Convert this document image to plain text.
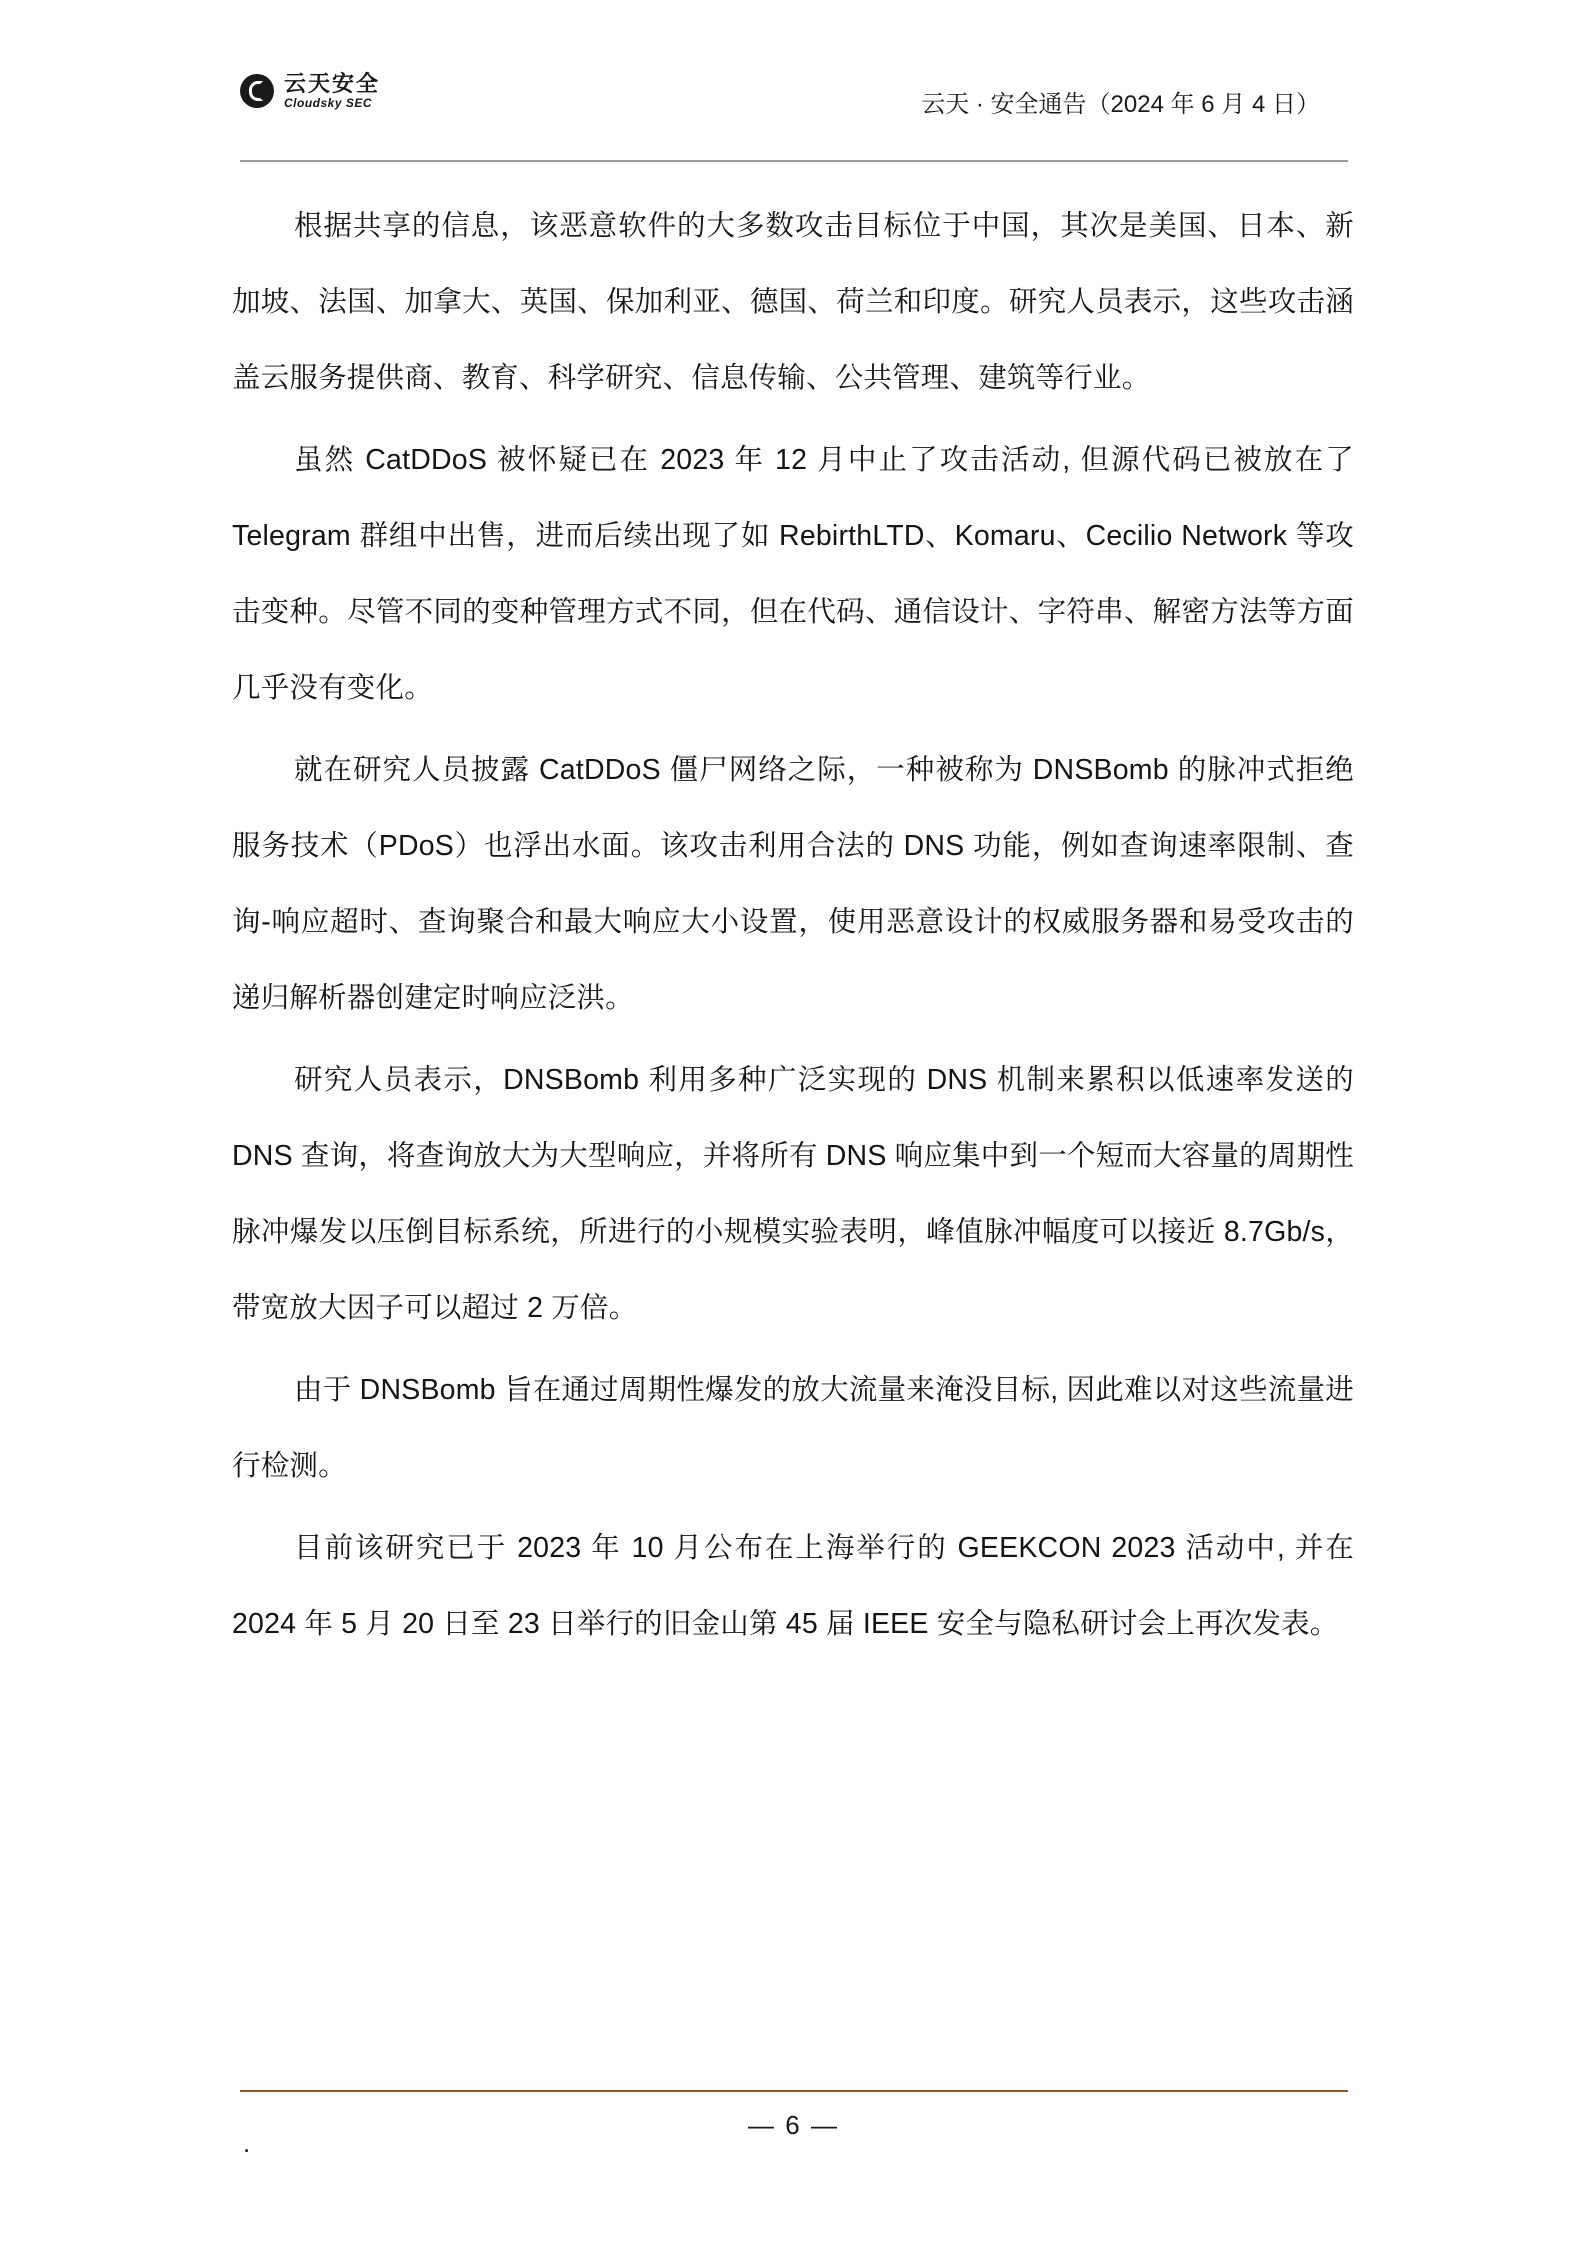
云天安全
Cloudsky SEC	云天 · 安全通告（2024 年 6 月 4 日）

根据共享的信息，该恶意软件的大多数攻击目标位于中国，其次是美国、日本、新加坡、法国、加拿大、英国、保加利亚、德国、荷兰和印度。研究人员表示，这些攻击涵盖云服务提供商、教育、科学研究、信息传输、公共管理、建筑等行业。

虽然 CatDDoS 被怀疑已在 2023 年 12 月中止了攻击活动, 但源代码已被放在了 Telegram 群组中出售，进而后续出现了如 RebirthLTD、Komaru、Cecilio Network 等攻击变种。尽管不同的变种管理方式不同，但在代码、通信设计、字符串、解密方法等方面几乎没有变化。

就在研究人员披露 CatDDoS 僵尸网络之际，一种被称为 DNSBomb 的脉冲式拒绝服务技术（PDoS）也浮出水面。该攻击利用合法的 DNS 功能，例如查询速率限制、查询-响应超时、查询聚合和最大响应大小设置，使用恶意设计的权威服务器和易受攻击的递归解析器创建定时响应泛洪。

研究人员表示，DNSBomb 利用多种广泛实现的 DNS 机制来累积以低速率发送的 DNS 查询，将查询放大为大型响应，并将所有 DNS 响应集中到一个短而大容量的周期性脉冲爆发以压倒目标系统，所进行的小规模实验表明，峰值脉冲幅度可以接近 8.7Gb/s，带宽放大因子可以超过 2 万倍。

由于 DNSBomb 旨在通过周期性爆发的放大流量来淹没目标, 因此难以对这些流量进行检测。

目前该研究已于 2023 年 10 月公布在上海举行的 GEEKCON 2023 活动中, 并在 2024 年 5 月 20 日至 23 日举行的旧金山第 45 届 IEEE 安全与隐私研讨会上再次发表。

.
— 6 —
